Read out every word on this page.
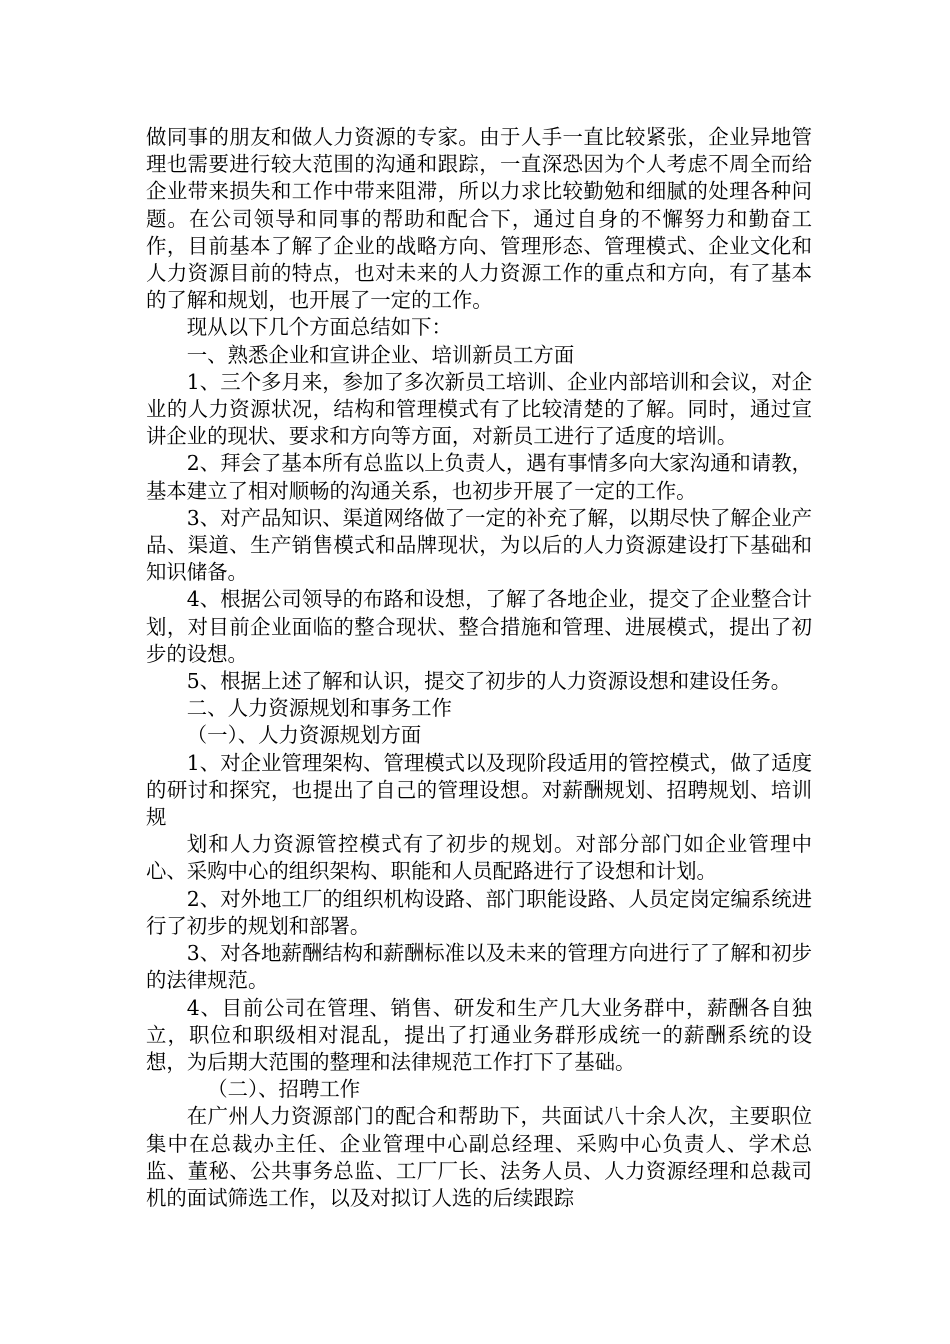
做同事的朋友和做人力资源的专家。由于人手一直比较紧张，企业异地管理也需要进行较大范围的沟通和跟踪，一直深恐因为个人考虑不周全而给企业带来损失和工作中带来阻滞，所以力求比较勤勉和细腻的处理各种问题。在公司领导和同事的帮助和配合下，通过自身的不懈努力和勤奋工作，目前基本了解了企业的战略方向、管理形态、管理模式、企业文化和人力资源目前的特点，也对未来的人力资源工作的重点和方向，有了基本的了解和规划，也开展了一定的工作。

现从以下几个方面总结如下：

一、熟悉企业和宣讲企业、培训新员工方面

1、三个多月来，参加了多次新员工培训、企业内部培训和会议，对企业的人力资源状况，结构和管理模式有了比较清楚的了解。同时，通过宣讲企业的现状、要求和方向等方面，对新员工进行了适度的培训。

2、拜会了基本所有总监以上负责人，遇有事情多向大家沟通和请教，基本建立了相对顺畅的沟通关系，也初步开展了一定的工作。

3、对产品知识、渠道网络做了一定的补充了解，以期尽快了解企业产品、渠道、生产销售模式和品牌现状，为以后的人力资源建设打下基础和知识储备。

4、根据公司领导的布路和设想，了解了各地企业，提交了企业整合计划，对目前企业面临的整合现状、整合措施和管理、进展模式，提出了初步的设想。

5、根据上述了解和认识，提交了初步的人力资源设想和建设任务。

二、人力资源规划和事务工作

（一）、人力资源规划方面

1、对企业管理架构、管理模式以及现阶段适用的管控模式，做了适度的研讨和探究，也提出了自己的管理设想。对薪酬规划、招聘规划、培训规

划和人力资源管控模式有了初步的规划。对部分部门如企业管理中心、采购中心的组织架构、职能和人员配路进行了设想和计划。

2、对外地工厂的组织机构设路、部门职能设路、人员定岗定编系统进行了初步的规划和部署。

3、对各地薪酬结构和薪酬标准以及未来的管理方向进行了了解和初步的法律规范。

4、目前公司在管理、销售、研发和生产几大业务群中，薪酬各自独立，职位和职级相对混乱，提出了打通业务群形成统一的薪酬系统的设想，为后期大范围的整理和法律规范工作打下了基础。

（二）、招聘工作

在广州人力资源部门的配合和帮助下，共面试八十余人次，主要职位集中在总裁办主任、企业管理中心副总经理、采购中心负责人、学术总监、董秘、公共事务总监、工厂厂长、法务人员、人力资源经理和总裁司机的面试筛选工作，以及对拟订人选的后续跟踪
